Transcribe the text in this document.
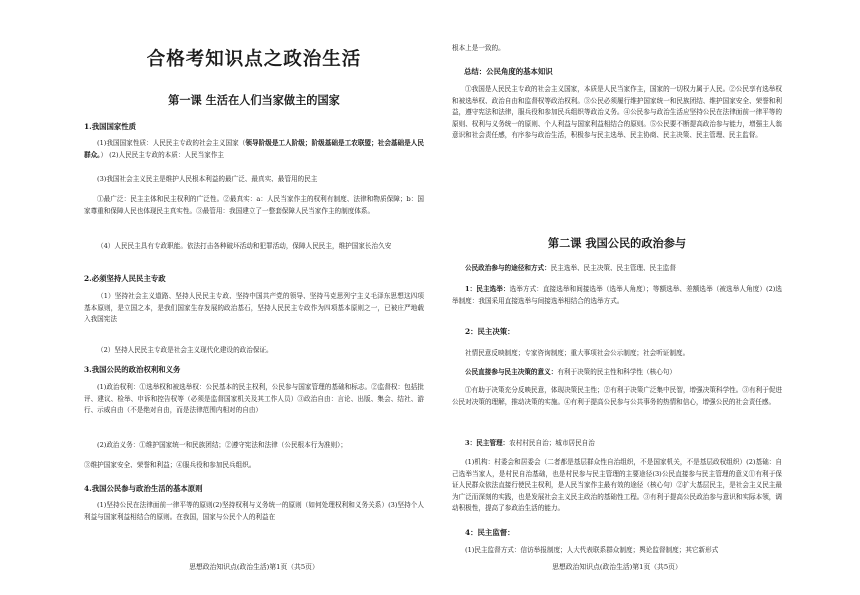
合格考知识点之政治生活
第一课 生活在人们当家做主的国家
1.我国国家性质

(1)我国国家性质：人民民主专政的社会主义国家（领导阶级是工人阶级；阶级基础是工农联盟；社会基础是人民群众。） (2)人民民主专政的本质：人民当家作主

(3)我国社会主义民主是维护人民根本利益的最广泛、最真实、最管用的民主

①最广泛：民主主体和民主权利的广泛性。②最真实：a：人民当家作主的权利有制度、法律和物质保障；b：国家尊重和保障人民也体现民主真实性。③最管用：我国建立了一整套保障人民当家作主的制度体系。

（4）人民民主具有专政职能。依法打击各种破坏活动和犯罪活动，保障人民民主，维护国家长治久安

2.必须坚持人民民主专政

（1）坚持社会主义道路、坚持人民民主专政、坚持中国共产党的领导、坚持马克思列宁主义毛泽东思想这四项基本原则，是立国之本，是我们国家生存发展的政治基石，坚持人民民主专政作为四项基本原则之一，已被庄严地载入我国宪法

（2）坚持人民民主专政是社会主义现代化建设的政治保证。

3.我国公民的政治权利和义务

(1)政治权利：①选举权和被选举权：公民基本的民主权利，公民参与国家管理的基础和标志。②监督权：包括批评、建议、检举、申诉和控告权等（必须是监督国家机关及其工作人员）③政治自由：言论、出版、集会、结社、游行、示威自由（不是绝对自由，而是法律范围内相对的自由）

(2)政治义务：①维护国家统一和民族团结；②遵守宪法和法律（公民根本行为准则）；

③维护国家安全、荣誉和利益；④服兵役和参加民兵组织。

4.我国公民参与政治生活的基本原则

(1)坚持公民在法律面前一律平等的原则(2)坚持权利与义务统一的原则（如何处理权利和义务关系）(3)坚持个人利益与国家利益相结合的原则。在我国，国家与公民个人的利益在

思想政治知识点(政治生活)第1页（共5页）

根本上是一致的。

总结：公民角度的基本知识

①我国是人民民主专政的社会主义国家，本质是人民当家作主，国家的一切权力属于人民。②公民享有选举权和被选举权、政治自由和监督权等政治权利。③公民必须履行维护国家统一和民族团结、维护国家安全、荣誉和利益，遵守宪法和法律，服兵役和参加民兵组织等政治义务。④公民参与政治生活应坚持公民在法律面前一律平等的原则、权利与义务统一的原则、个人利益与国家利益相结合的原则。⑤公民要不断提高政治参与能力，增强主人翁意识和社会责任感，有序参与政治生活，积极参与民主选举、民主协商、民主决策、民主管理、民主监督。

第二课 我国公民的政治参与

公民政治参与的途径和方式：民主选举、民主决策、民主管理、民主监督

1：民主选举：选举方式：直接选举和间接选举（选举人角度）；等额选举、差额选举（被选举人角度）(2)选举制度：我国采用直接选举与间接选举相结合的选举方式。

2：民主决策：

社情民意反映制度；专家咨询制度；重大事项社会公示制度；社会听证制度。

公民直接参与民主决策的意义：有利于决策的民主性和科学性（核心句）

①有助于决策充分反映民意，体现决策民主性；②有利于决策广泛集中民智，增强决策科学性。③有利于促进公民对决策的理解，推动决策的实施。④有利于提高公民参与公共事务的热情和信心，增强公民的社会责任感。

3：民主管理：农村村民自治；城市居民自治

(1)机构：村委会和居委会（二者都是基层群众性自治组织，不是国家机关，不是基层政权组织）(2)基础：自己选举当家人，是村民自治基础，也是村民参与民主管理的主要途径(3)公民直接参与民主管理的意义①有利于保证人民群众依法直接行使民主权利，是人民当家作主最有效的途径（核心句）②扩大基层民主，是社会主义民主最为广泛而深刻的实践，也是发展社会主义民主政治的基础性工程。③有利于提高公民政治参与意识和实际本领，调动积极性，提高了参政治生活的能力。

4：民主监督：

(1)民主监督方式：信访举报制度；人大代表联系群众制度；舆论监督制度；其它新形式

思想政治知识点(政治生活)第1页（共5页）
